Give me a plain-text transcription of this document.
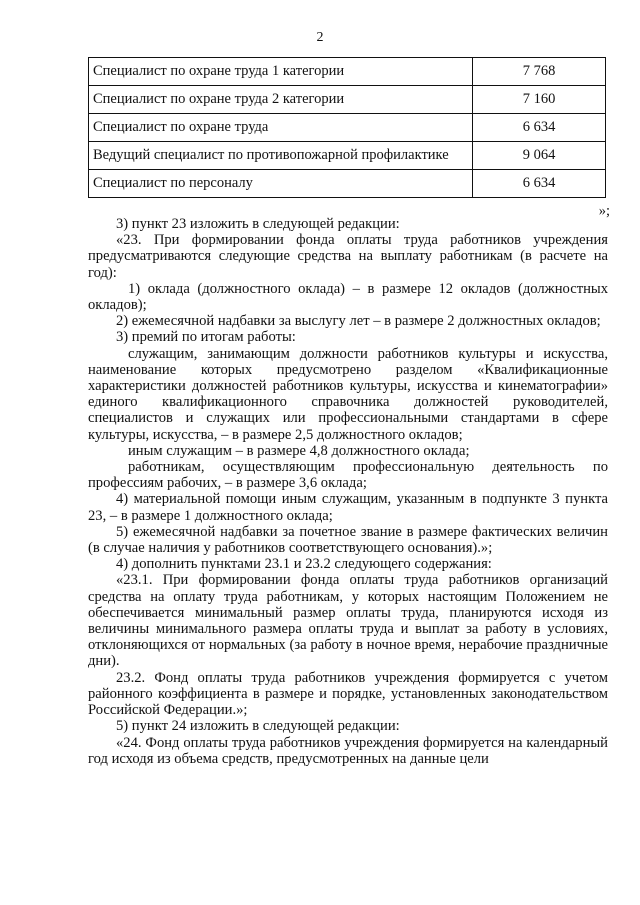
2
Специалист по охране труда 1 категории	7 768
Специалист по охране труда 2 категории	7 160
Специалист по охране труда	6 634
Ведущий специалист по противопожарной профилактике	9 064
Специалист по персоналу	6 634
»;

3) пункт 23 изложить в следующей редакции:

«23. При формировании фонда оплаты труда работников учреждения предусматриваются следующие средства на выплату работникам (в расчете на год):

1) оклада (должностного оклада) – в размере 12 окладов (должностных окладов);

2) ежемесячной надбавки за выслугу лет – в размере 2 должностных окладов;

3) премий по итогам работы:

служащим, занимающим должности работников культуры и искусства, наименование которых предусмотрено разделом «Квалификационные характеристики должностей работников культуры, искусства и кинематографии» единого квалификационного справочника должностей руководителей, специалистов и служащих или профессиональными стандартами в сфере культуры, искусства, – в размере 2,5 должностного окладов;

иным служащим – в размере 4,8 должностного оклада;

работникам, осуществляющим профессиональную деятельность по профессиям рабочих, – в размере 3,6 оклада;

4) материальной помощи иным служащим, указанным в подпункте 3 пункта 23, – в размере 1 должностного оклада;

5) ежемесячной надбавки за почетное звание в размере фактических величин (в случае наличия у работников соответствующего основания).»;

4) дополнить пунктами 23.1 и 23.2 следующего содержания:

«23.1. При формировании фонда оплаты труда работников организаций средства на оплату труда работникам, у которых настоящим Положением не обеспечивается минимальный размер оплаты труда, планируются исходя из величины минимального размера оплаты труда и выплат за работу в условиях, отклоняющихся от нормальных (за работу в ночное время, нерабочие праздничные дни).

23.2. Фонд оплаты труда работников учреждения формируется с учетом районного коэффициента в размере и порядке, установленных законодательством Российской Федерации.»;

5) пункт 24 изложить в следующей редакции:

«24. Фонд оплаты труда работников учреждения формируется на календарный год исходя из объема средств, предусмотренных на данные цели
